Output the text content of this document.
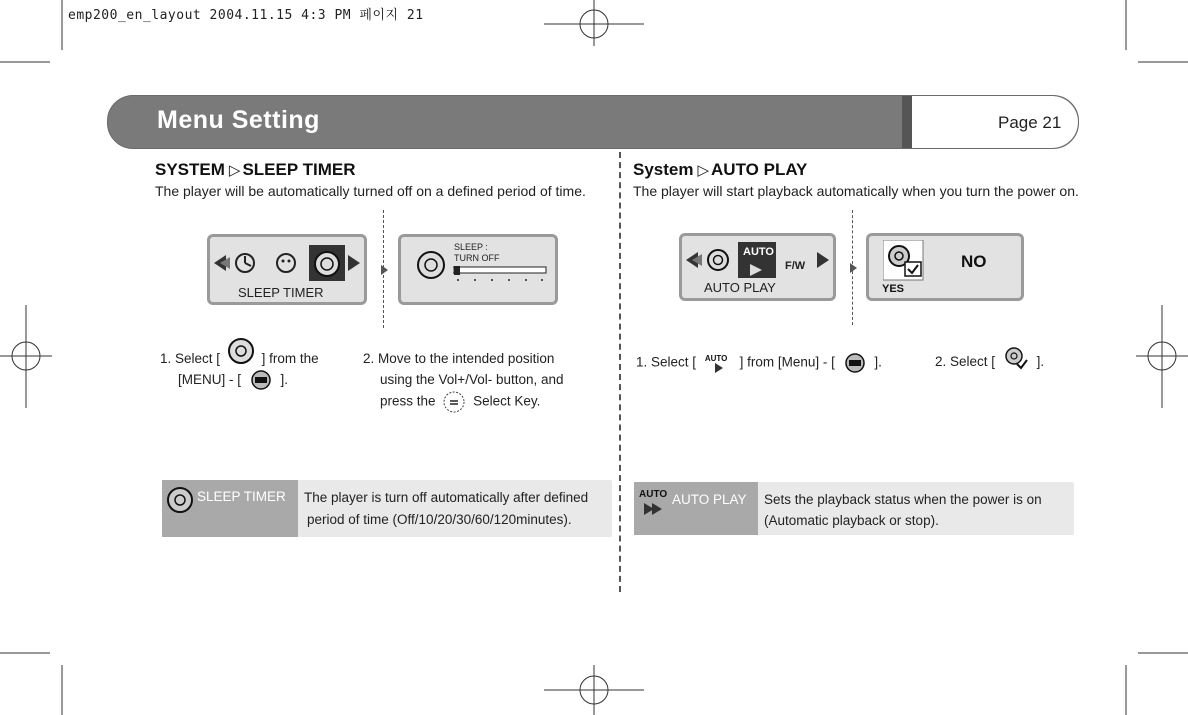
emp200_en_layout 2004.11.15 4:3 PM 페이지 21
Menu Setting	Page 21
SYSTEM ▷ SLEEP TIMER
The player will be automatically turned off on a defined period of time.
SLEEP TIMER
SLEEP :
TURN OFF
1. Select [	] from the
[MENU] - [	].
2. Move to the intended position
using the Vol+/Vol- button, and
press the	Select Key.
SLEEP TIMER The player is turn off automatically after defined
period of time (Off/10/20/30/60/120minutes).
System ▷ AUTO PLAY
The player will start playback automatically when you turn the power on.
AUTO
F/W
AUTO PLAY	YES
NO
1. Select [ AUTO ] from [Menu] - [	].	2. Select [	].
AUTO AUTO PLAY Sets the playback status when the power is on
(Automatic playback or stop).
